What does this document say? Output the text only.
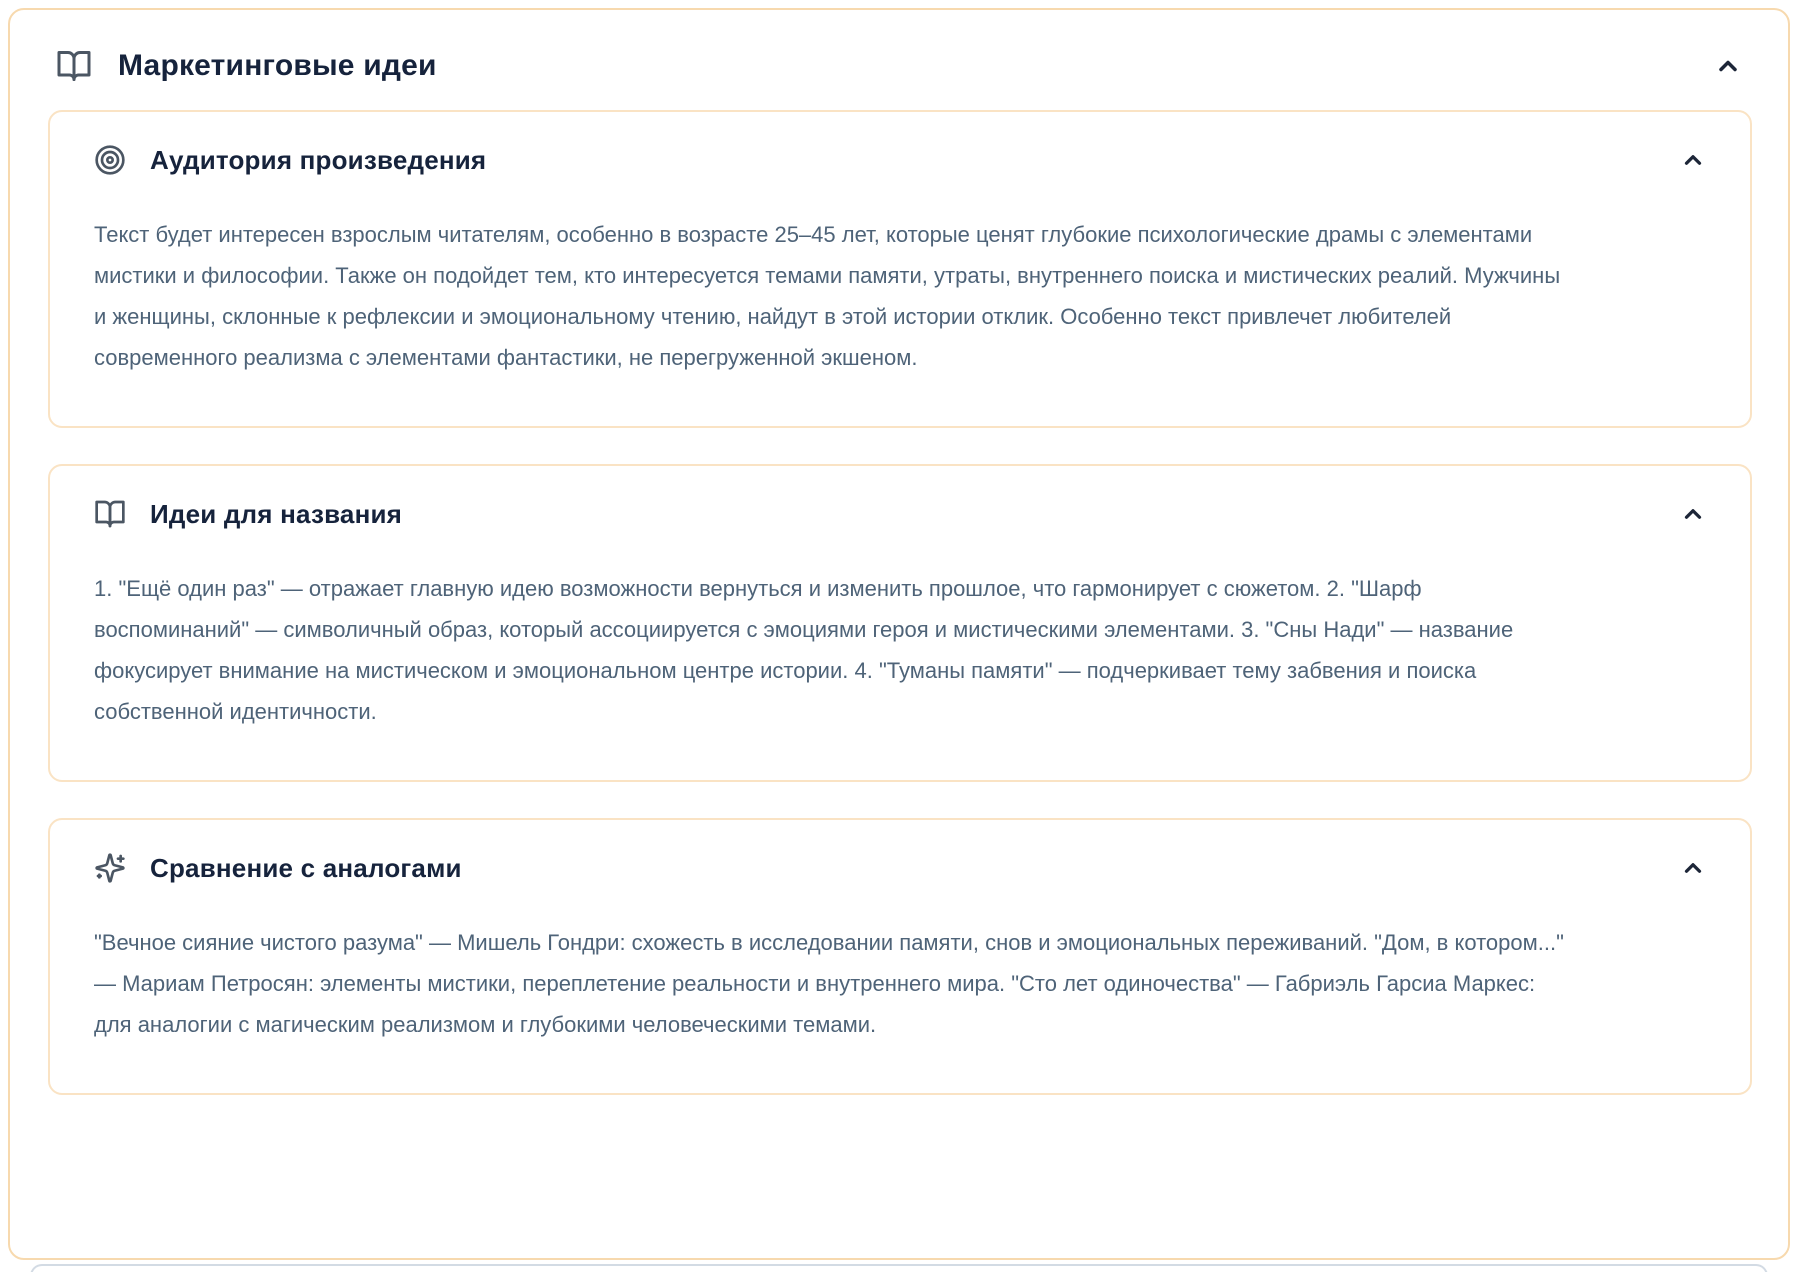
Маркетинговые идеи
Аудитория произведения

Текст будет интересен взрослым читателям, особенно в возрасте 25–45 лет, которые ценят глубокие психологические драмы с элементами мистики и философии. Также он подойдет тем, кто интересуется темами памяти, утраты, внутреннего поиска и мистических реалий. Мужчины и женщины, склонные к рефлексии и эмоциональному чтению, найдут в этой истории отклик. Особенно текст привлечет любителей современного реализма с элементами фантастики, не перегруженной экшеном.

Идеи для названия

1. "Ещё один раз" — отражает главную идею возможности вернуться и изменить прошлое, что гармонирует с сюжетом. 2. "Шарф воспоминаний" — символичный образ, который ассоциируется с эмоциями героя и мистическими элементами. 3. "Сны Нади" — название фокусирует внимание на мистическом и эмоциональном центре истории. 4. "Туманы памяти" — подчеркивает тему забвения и поиска собственной идентичности.

Сравнение с аналогами

"Вечное сияние чистого разума" — Мишель Гондри: схожесть в исследовании памяти, снов и эмоциональных переживаний. "Дом, в котором..." — Мариам Петросян: элементы мистики, переплетение реальности и внутреннего мира. "Сто лет одиночества" — Габриэль Гарсиа Маркес: для аналогии с магическим реализмом и глубокими человеческими темами.
